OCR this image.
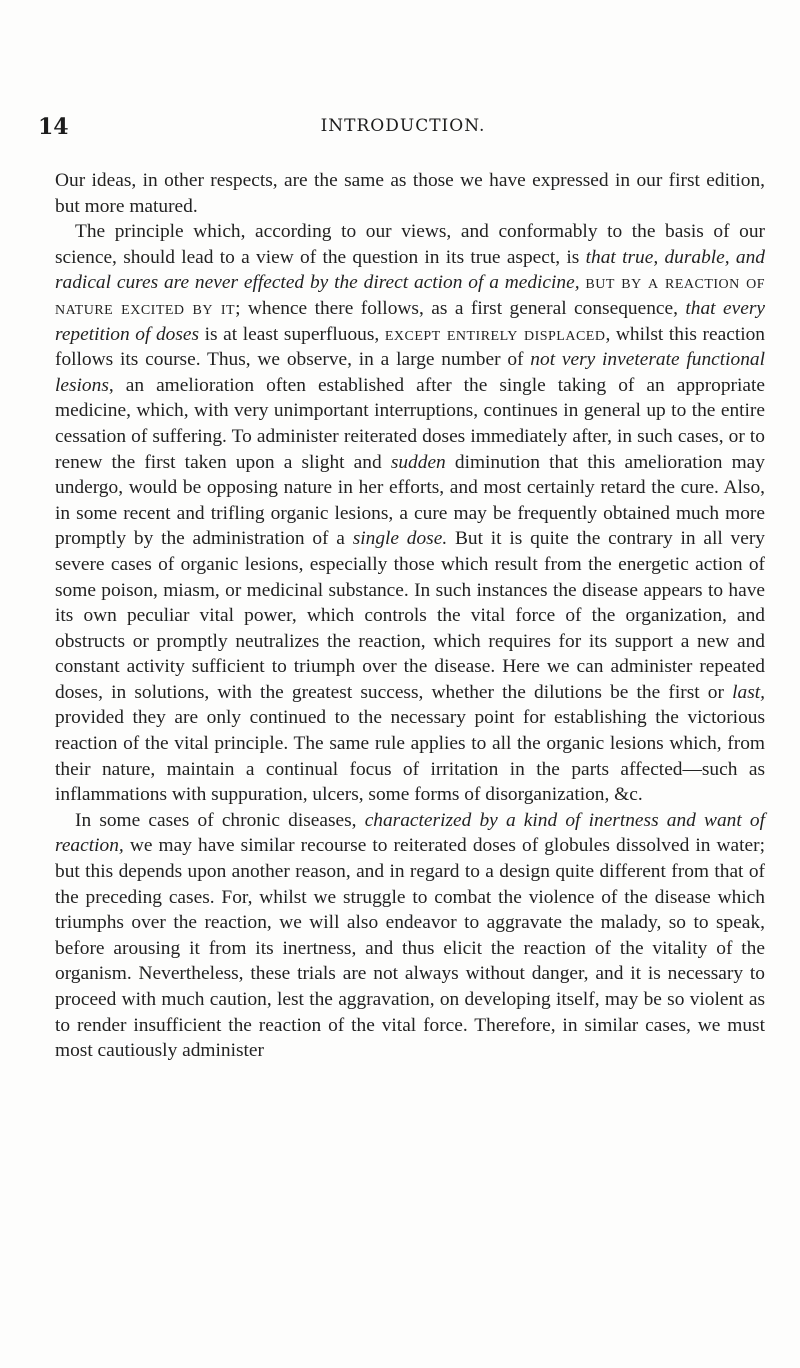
14	INTRODUCTION.

Our ideas, in other respects, are the same as those we have expressed in our first edition, but more matured.

The principle which, according to our views, and conformably to the basis of our science, should lead to a view of the question in its true aspect, is that true, durable, and radical cures are never effected by the direct action of a medicine, but by a reaction of nature excited by it; whence there follows, as a first general consequence, that every repetition of doses is at least superfluous, except entirely displaced, whilst this reaction follows its course. Thus, we observe, in a large number of not very inveterate functional lesions, an amelioration often established after the single taking of an appropriate medicine, which, with very unimportant interruptions, continues in general up to the entire cessation of suffering. To administer reiterated doses immediately after, in such cases, or to renew the first taken upon a slight and sudden diminution that this amelioration may undergo, would be opposing nature in her efforts, and most certainly retard the cure. Also, in some recent and trifling organic lesions, a cure may be frequently obtained much more promptly by the administration of a single dose. But it is quite the contrary in all very severe cases of organic lesions, especially those which result from the energetic action of some poison, miasm, or medicinal substance. In such instances the disease appears to have its own peculiar vital power, which controls the vital force of the organization, and obstructs or promptly neutralizes the reaction, which requires for its support a new and constant activity sufficient to triumph over the disease. Here we can administer repeated doses, in solutions, with the greatest success, whether the dilutions be the first or last, provided they are only continued to the necessary point for establishing the victorious reaction of the vital principle. The same rule applies to all the organic lesions which, from their nature, maintain a continual focus of irritation in the parts affected—such as inflammations with suppuration, ulcers, some forms of disorganization, &c.

In some cases of chronic diseases, characterized by a kind of inertness and want of reaction, we may have similar recourse to reiterated doses of globules dissolved in water; but this depends upon another reason, and in regard to a design quite different from that of the preceding cases. For, whilst we struggle to combat the violence of the disease which triumphs over the reaction, we will also endeavor to aggravate the malady, so to speak, before arousing it from its inertness, and thus elicit the reaction of the vitality of the organism. Nevertheless, these trials are not always without danger, and it is necessary to proceed with much caution, lest the aggravation, on developing itself, may be so violent as to render insufficient the reaction of the vital force. Therefore, in similar cases, we must most cautiously administer
